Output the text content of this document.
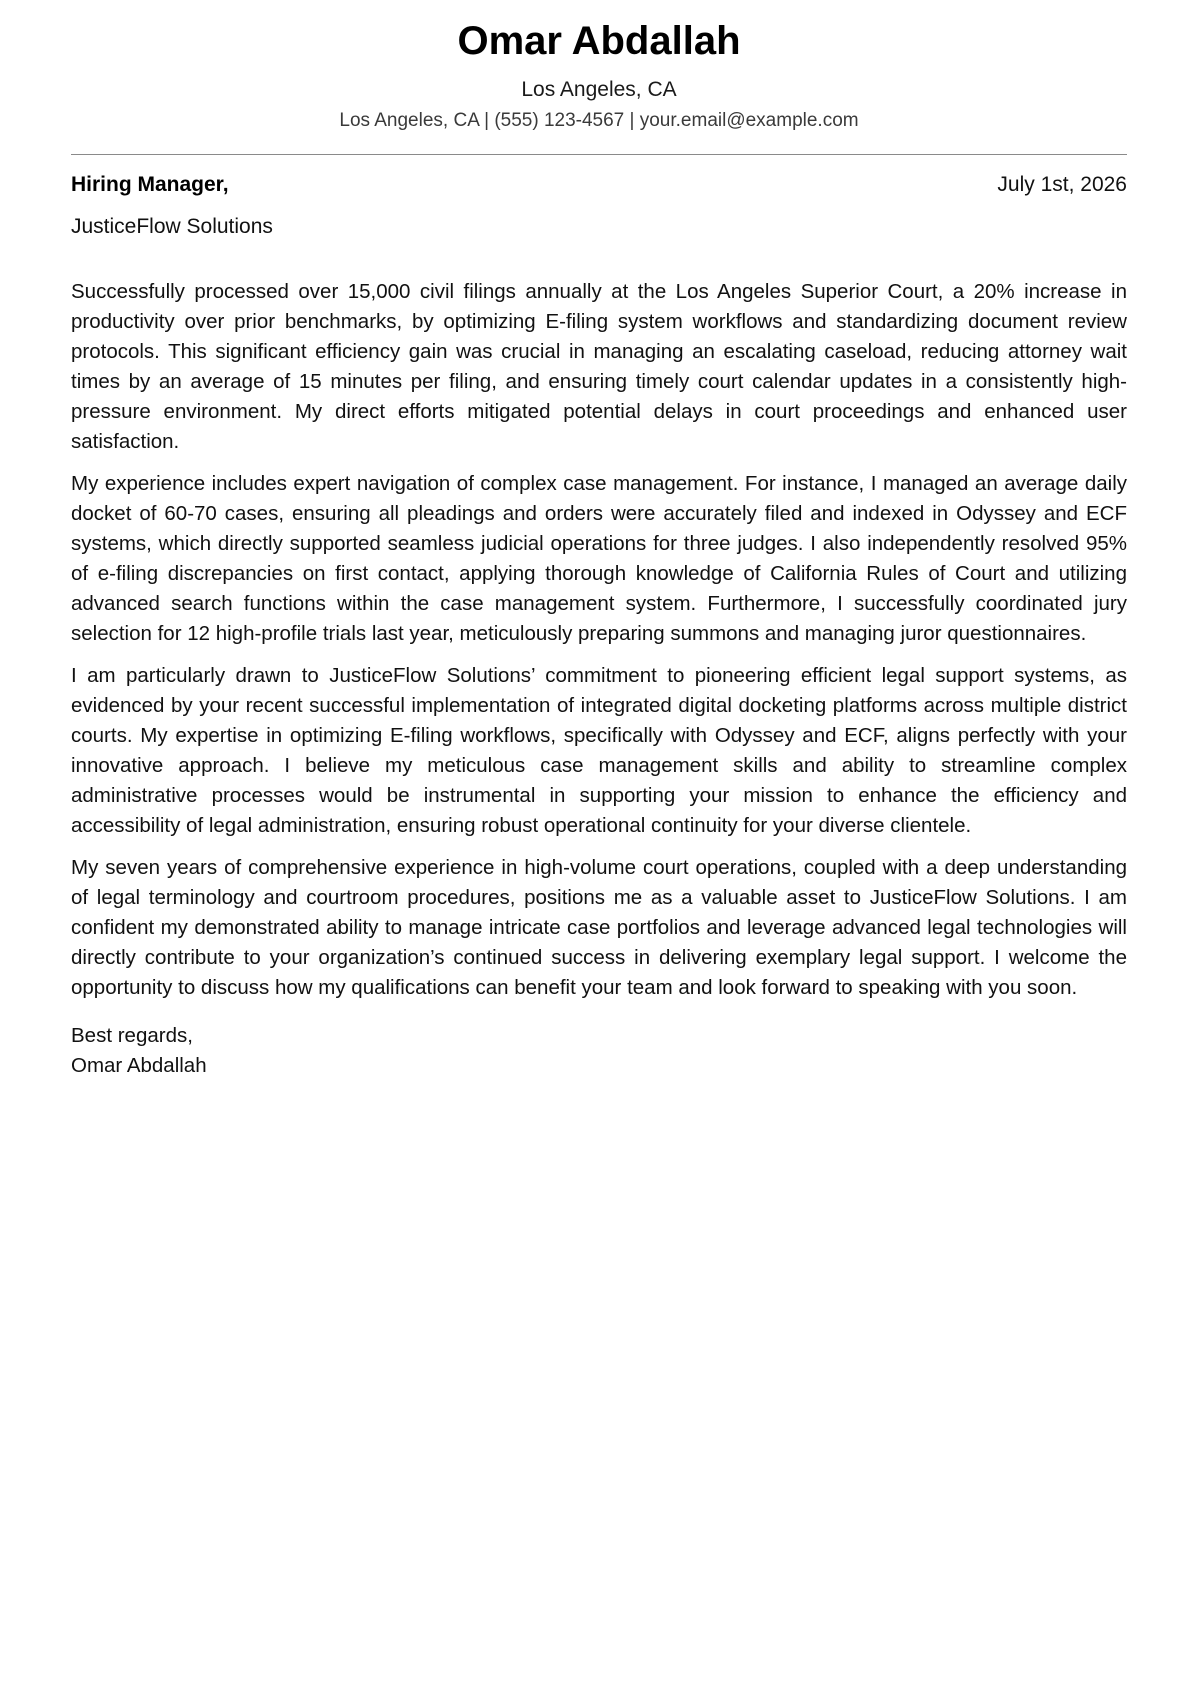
Omar Abdallah
Los Angeles, CA
Los Angeles, CA | (555) 123-4567 | your.email@example.com
Hiring Manager,	July 1st, 2026
JusticeFlow Solutions

Successfully processed over 15,000 civil filings annually at the Los Angeles Superior Court, a 20% increase in productivity over prior benchmarks, by optimizing E-filing system workflows and standardizing document review protocols. This significant efficiency gain was crucial in managing an escalating caseload, reducing attorney wait times by an average of 15 minutes per filing, and ensuring timely court calendar updates in a consistently high-pressure environment. My direct efforts mitigated potential delays in court proceedings and enhanced user satisfaction.

My experience includes expert navigation of complex case management. For instance, I managed an average daily docket of 60-70 cases, ensuring all pleadings and orders were accurately filed and indexed in Odyssey and ECF systems, which directly supported seamless judicial operations for three judges. I also independently resolved 95% of e-filing discrepancies on first contact, applying thorough knowledge of California Rules of Court and utilizing advanced search functions within the case management system. Furthermore, I successfully coordinated jury selection for 12 high-profile trials last year, meticulously preparing summons and managing juror questionnaires.

I am particularly drawn to JusticeFlow Solutions’ commitment to pioneering efficient legal support systems, as evidenced by your recent successful implementation of integrated digital docketing platforms across multiple district courts. My expertise in optimizing E-filing workflows, specifically with Odyssey and ECF, aligns perfectly with your innovative approach. I believe my meticulous case management skills and ability to streamline complex administrative processes would be instrumental in supporting your mission to enhance the efficiency and accessibility of legal administration, ensuring robust operational continuity for your diverse clientele.

My seven years of comprehensive experience in high-volume court operations, coupled with a deep understanding of legal terminology and courtroom procedures, positions me as a valuable asset to JusticeFlow Solutions. I am confident my demonstrated ability to manage intricate case portfolios and leverage advanced legal technologies will directly contribute to your organization’s continued success in delivering exemplary legal support. I welcome the opportunity to discuss how my qualifications can benefit your team and look forward to speaking with you soon.

Best regards,
Omar Abdallah
